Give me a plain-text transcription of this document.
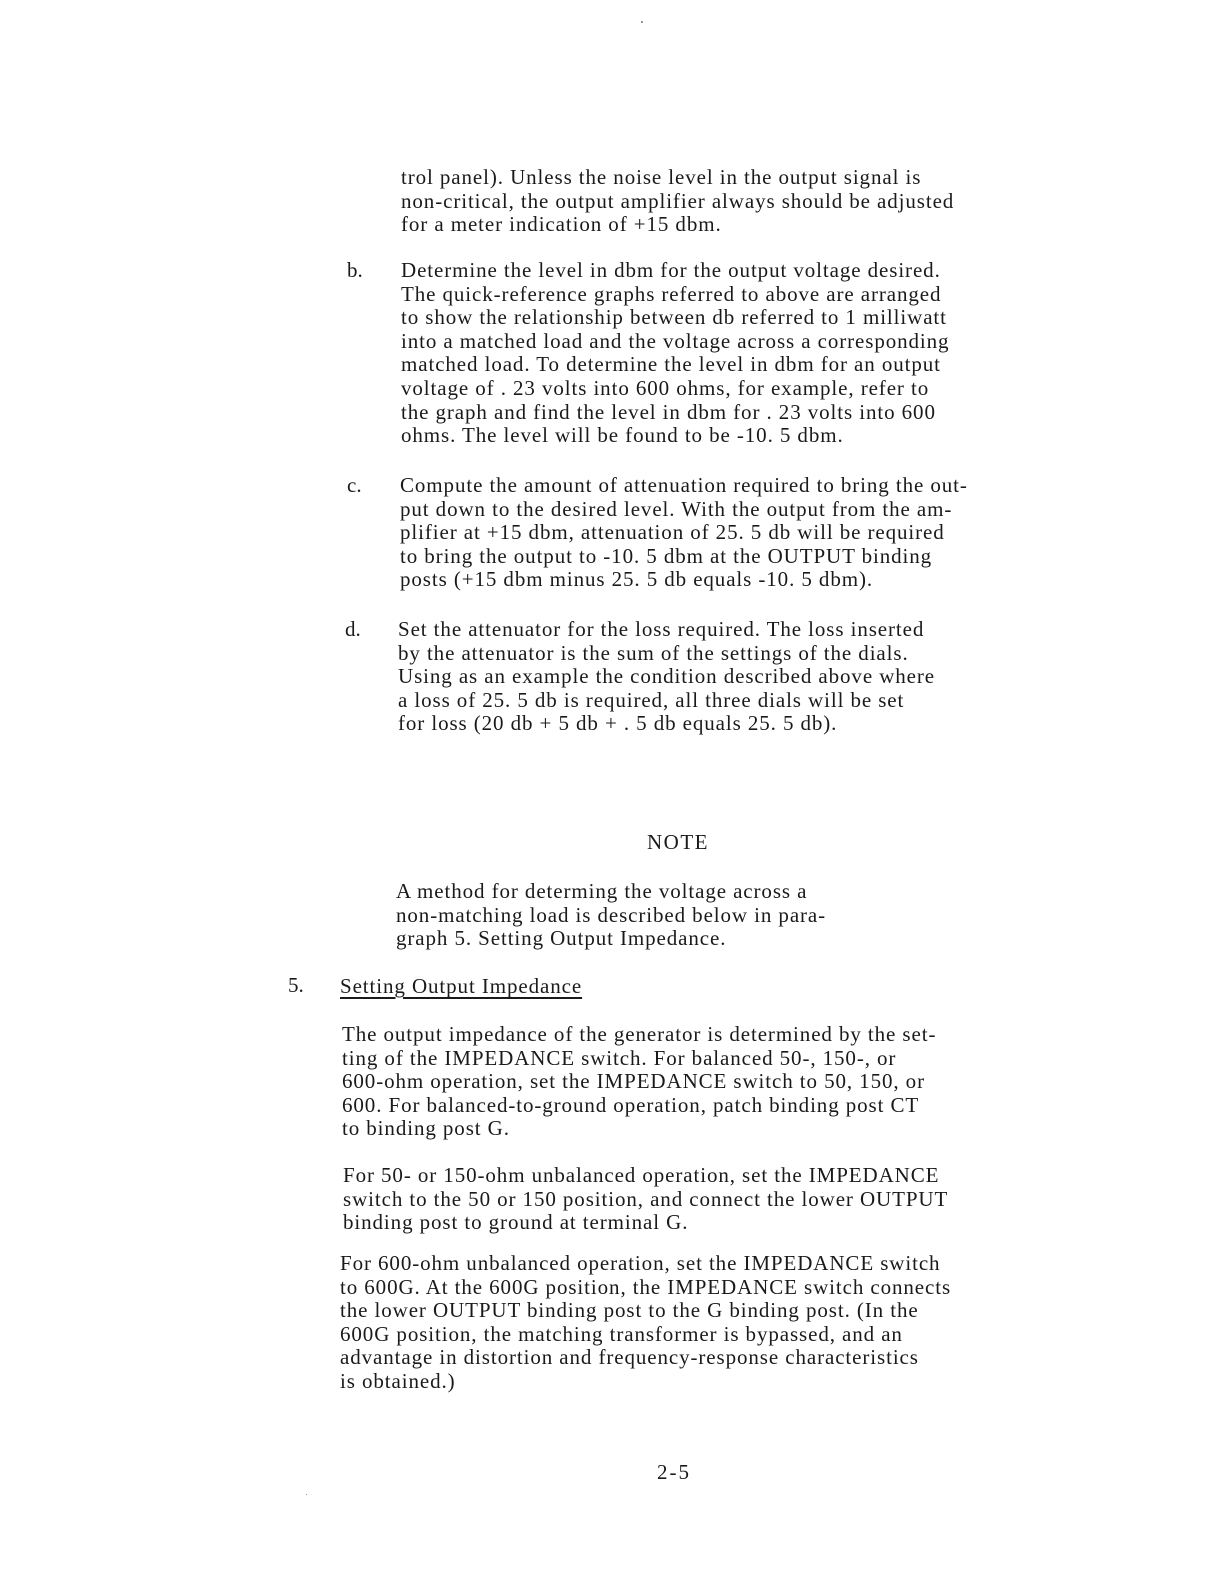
trol panel). Unless the noise level in the output signal is
non-critical, the output amplifier always should be adjusted
for a meter indication of +15 dbm.
b. Determine the level in dbm for the output voltage desired.
The quick-reference graphs referred to above are arranged
to show the relationship between db referred to 1 milliwatt
into a matched load and the voltage across a corresponding
matched load. To determine the level in dbm for an output
voltage of . 23 volts into 600 ohms, for example, refer to
the graph and find the level in dbm for . 23 volts into 600
ohms. The level will be found to be -10. 5 dbm.
c. Compute the amount of attenuation required to bring the out-
put down to the desired level. With the output from the am-
plifier at +15 dbm, attenuation of 25. 5 db will be required
to bring the output to -10. 5 dbm at the OUTPUT binding
posts (+15 dbm minus 25. 5 db equals -10. 5 dbm).
d. Set the attenuator for the loss required. The loss inserted
by the attenuator is the sum of the settings of the dials.
Using as an example the condition described above where
a loss of 25. 5 db is required, all three dials will be set
for loss (20 db + 5 db + . 5 db equals 25. 5 db).
NOTE
A method for determing the voltage across a
non-matching load is described below in para-
graph 5. Setting Output Impedance.
5. Setting Output Impedance
The output impedance of the generator is determined by the set-
ting of the IMPEDANCE switch. For balanced 50-, 150-, or
600-ohm operation, set the IMPEDANCE switch to 50, 150, or
600. For balanced-to-ground operation, patch binding post CT
to binding post G.
For 50- or 150-ohm unbalanced operation, set the IMPEDANCE
switch to the 50 or 150 position, and connect the lower OUTPUT
binding post to ground at terminal G.
For 600-ohm unbalanced operation, set the IMPEDANCE switch
to 600G. At the 600G position, the IMPEDANCE switch connects
the lower OUTPUT binding post to the G binding post. (In the
600G position, the matching transformer is bypassed, and an
advantage in distortion and frequency-response characteristics
is obtained.)
2-5
